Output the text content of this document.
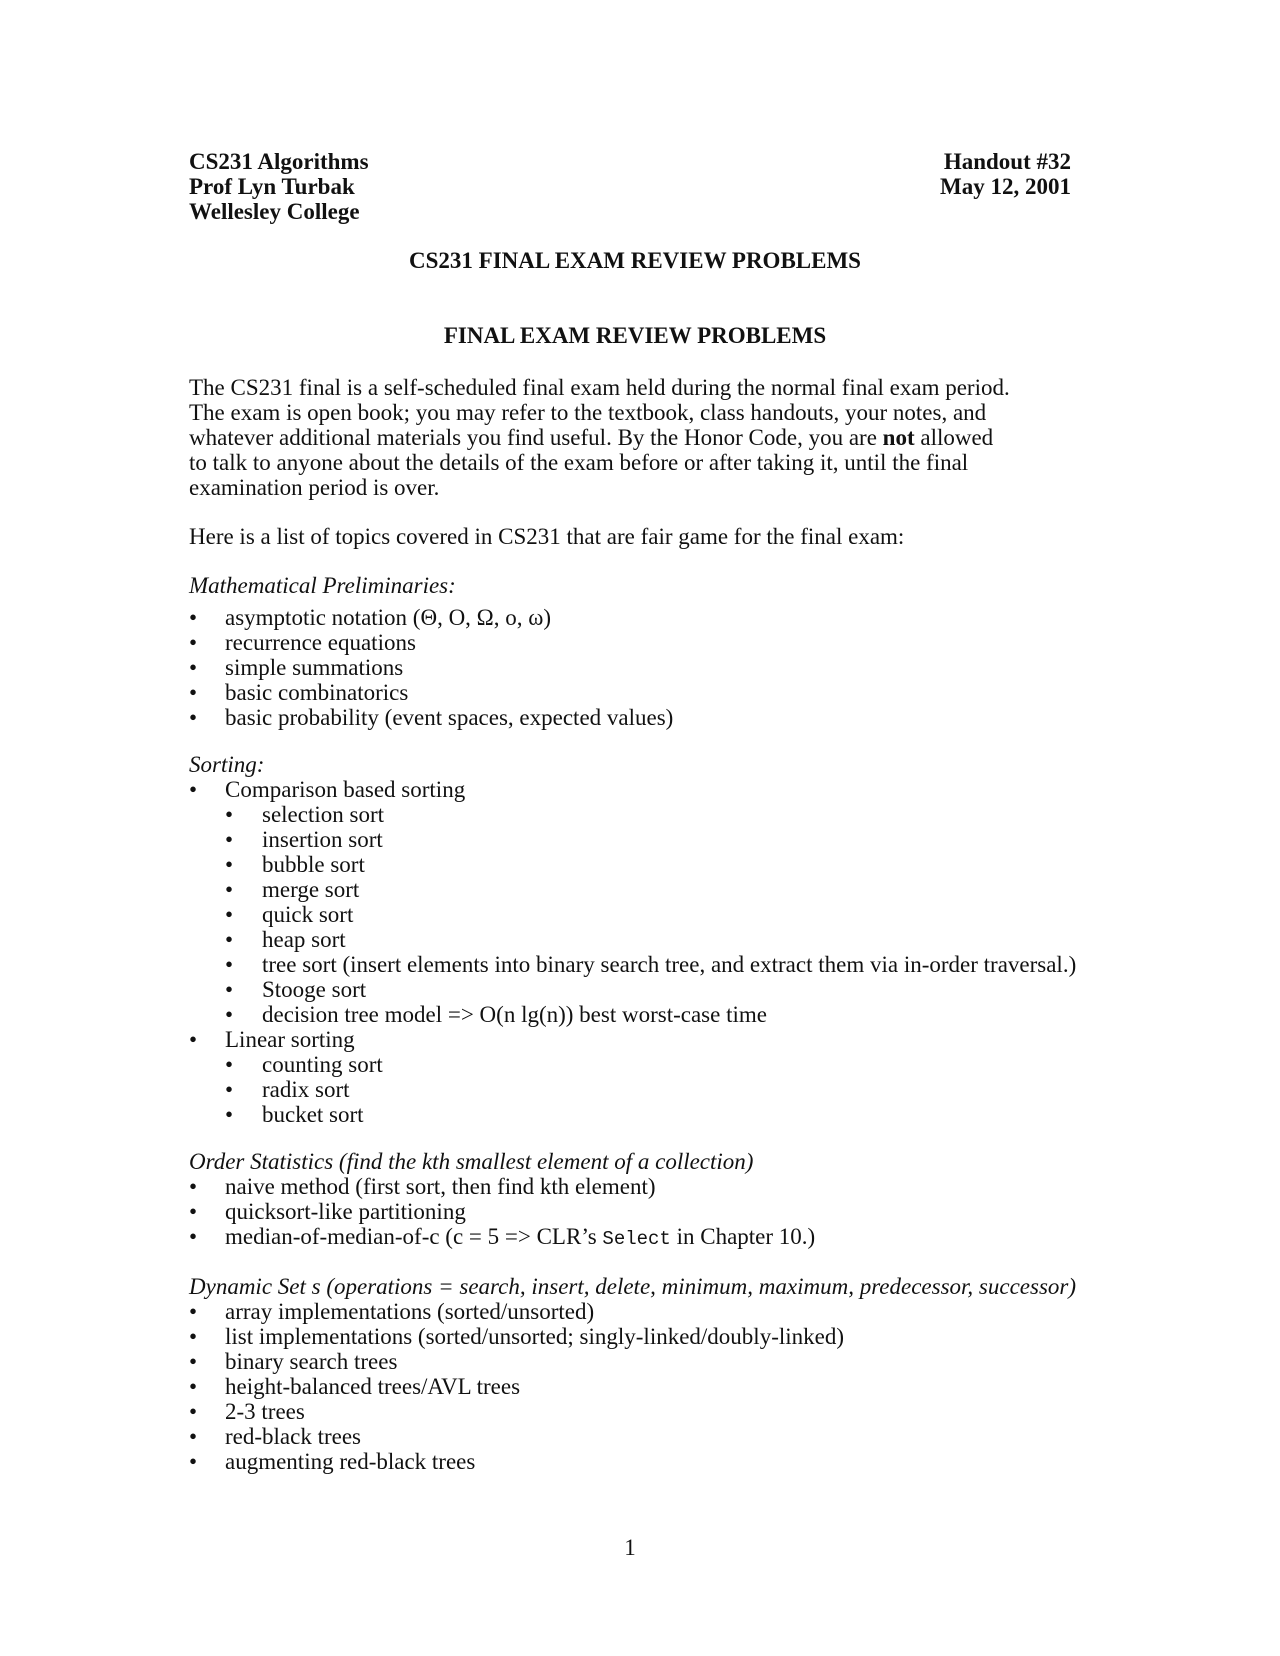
CS231 Algorithms
Prof Lyn Turbak
Wellesley College
Handout #32
May 12, 2001
CS231 FINAL EXAM REVIEW PROBLEMS
FINAL EXAM REVIEW PROBLEMS
The CS231 final is a self-scheduled final exam held during the normal final exam period.
The exam is open book; you may refer to the textbook, class handouts, your notes, and
whatever additional materials you find useful. By the Honor Code, you are not allowed
to talk to anyone about the details of the exam before or after taking it, until the final
examination period is over.
Here is a list of topics covered in CS231 that are fair game for the final exam:
Mathematical Preliminaries:
•	asymptotic notation (Θ, O, Ω, o, ω)
•	recurrence equations
•	simple summations
•	basic combinatorics
•	basic probability (event spaces, expected values)
Sorting:
•	Comparison based sorting
•	selection sort
•	insertion sort
•	bubble sort
•	merge sort
•	quick sort
•	heap sort
•	tree sort (insert elements into binary search tree, and extract them via in-order traversal.)
•	Stooge sort
•	decision tree model => O(n lg(n)) best worst-case time
•	Linear sorting
•	counting sort
•	radix sort
•	bucket sort
Order Statistics (find the kth smallest element of a collection)
•	naive method (first sort, then find kth element)
•	quicksort-like partitioning
•	median-of-median-of-c (c = 5 => CLR’s Select in Chapter 10.)
Dynamic Set s (operations = search, insert, delete, minimum, maximum, predecessor, successor)
•	array implementations (sorted/unsorted)
•	list implementations (sorted/unsorted; singly-linked/doubly-linked)
•	binary search trees
•	height-balanced trees/AVL trees
•	2-3 trees
•	red-black trees
•	augmenting red-black trees
1
